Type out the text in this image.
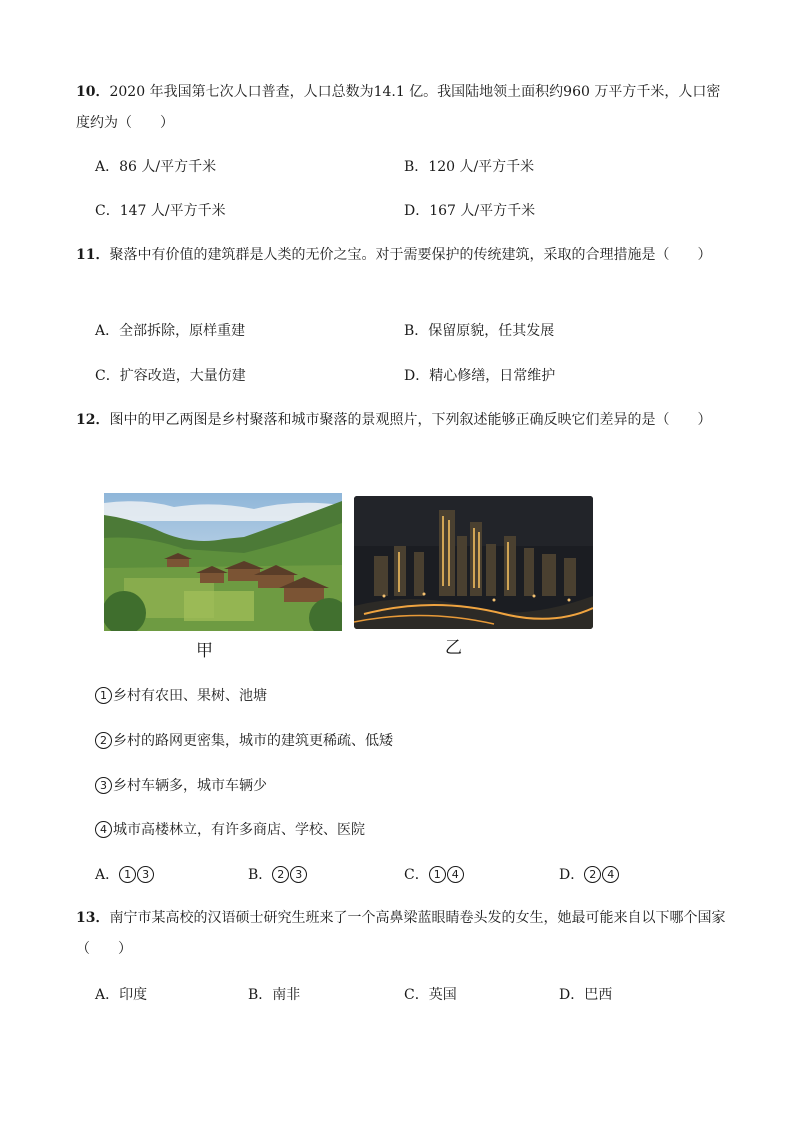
10．2020 年我国第七次人口普查，人口总数为14.1 亿。我国陆地领土面积约960 万平方千米，人口密度约为（　　）
A．86 人/平方千米	B．120 人/平方千米
C．147 人/平方千米	D．167 人/平方千米
11．聚落中有价值的建筑群是人类的无价之宝。对于需要保护的传统建筑，采取的合理措施是（　　）
A．全部拆除，原样重建	B．保留原貌，任其发展
C．扩容改造，大量仿建	D．精心修缮，日常维护
12．图中的甲乙两图是乡村聚落和城市聚落的景观照片，下列叙述能够正确反映它们差异的是（　　）
甲	乙
1 乡村有农田、果树、池塘
2 乡村的路网更密集，城市的建筑更稀疏、低矮
3 乡村车辆多，城市车辆少
4 城市高楼林立，有许多商店、学校、医院
A． 1 3	B． 2 3	C． 1 4	D． 2 4
13．南宁市某高校的汉语硕士研究生班来了一个高鼻梁蓝眼睛卷头发的女生，她最可能来自以下哪个国家（　　）
A．印度	B．南非	C．英国	D．巴西
